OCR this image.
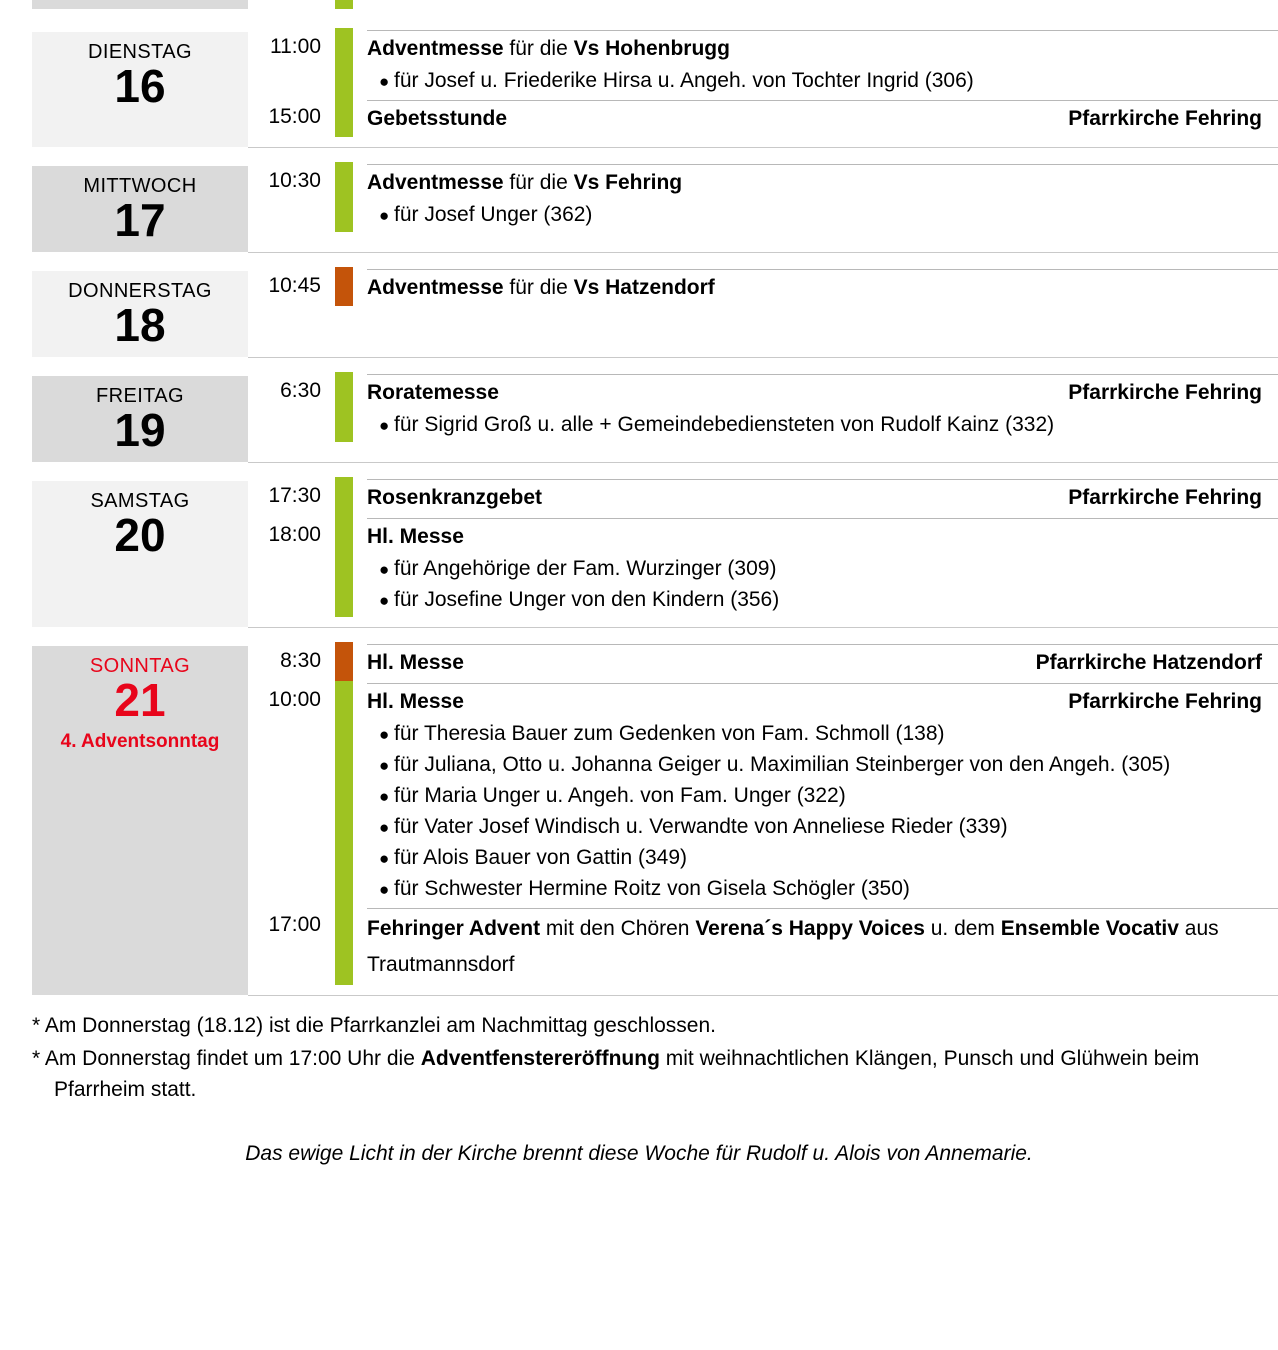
DIENSTAG
16
11:00	Adventmesse für die Vs Hohenbrugg
● für Josef u. Friederike Hirsa u. Angeh. von Tochter Ingrid (306)
15:00	Gebetsstunde	Pfarrkirche Fehring
MITTWOCH
17
10:30	Adventmesse für die Vs Fehring
● für Josef Unger (362)
DONNERSTAG
18
10:45	Adventmesse für die Vs Hatzendorf
FREITAG
19
6:30	Roratemesse	Pfarrkirche Fehring
● für Sigrid Groß u. alle + Gemeindebediensteten von Rudolf Kainz (332)
SAMSTAG
20
17:30	Rosenkranzgebet	Pfarrkirche Fehring
18:00	Hl. Messe
● für Angehörige der Fam. Wurzinger (309)
● für Josefine Unger von den Kindern (356)
SONNTAG
21
4. Adventsonntag
8:30	Hl. Messe	Pfarrkirche Hatzendorf
10:00	Hl. Messe	Pfarrkirche Fehring
● für Theresia Bauer zum Gedenken von Fam. Schmoll (138)
● für Juliana, Otto u. Johanna Geiger u. Maximilian Steinberger von den Angeh. (305)
● für Maria Unger u. Angeh. von Fam. Unger (322)
● für Vater Josef Windisch u. Verwandte von Anneliese Rieder (339)
● für Alois Bauer von Gattin (349)
● für Schwester Hermine Roitz von Gisela Schögler (350)
17:00	Fehringer Advent mit den Chören Verena´s Happy Voices u. dem Ensemble Vocativ aus Trautmannsdorf
* Am Donnerstag (18.12) ist die Pfarrkanzlei am Nachmittag geschlossen.
* Am Donnerstag findet um 17:00 Uhr die Adventfenstereröffnung mit weihnachtlichen Klängen, Punsch und Glühwein beim Pfarrheim statt.
Das ewige Licht in der Kirche brennt diese Woche für Rudolf u. Alois von Annemarie.
